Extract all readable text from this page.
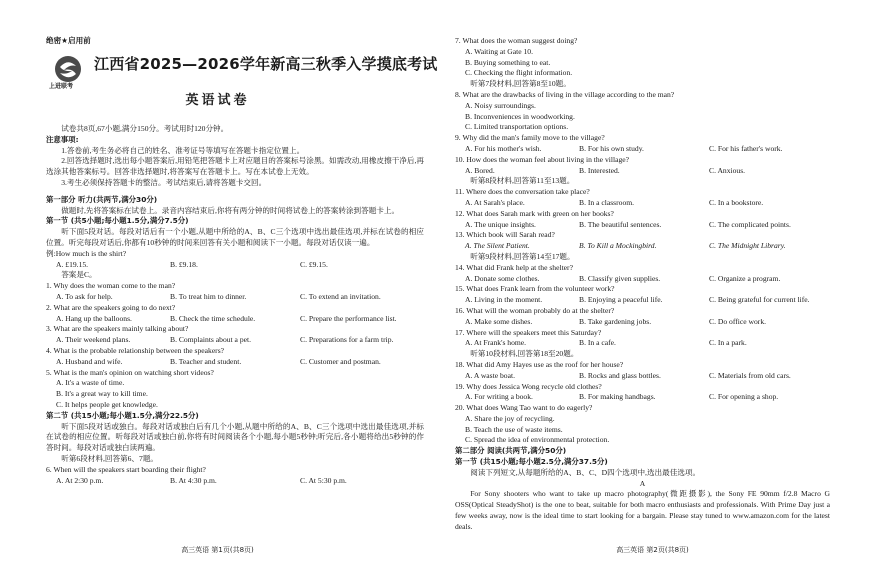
绝密★启用前
上进联考
江西省2025—2026学年新高三秋季入学摸底考试
英语试卷

试卷共8页,67小题,满分150分。考试用时120分钟。

注意事项:

1.答卷前,考生务必将自己的姓名、准考证号等填写在答题卡指定位置上。

2.回答选择题时,选出每小题答案后,用铅笔把答题卡上对应题目的答案标号涂黑。如需改动,用橡皮擦干净后,再选涂其他答案标号。回答非选择题时,将答案写在答题卡上。写在本试卷上无效。

3.考生必须保持答题卡的整洁。考试结束后,请将答题卡交回。

第一部分 听力(共两节,满分30分)

做题时,先将答案标在试卷上。录音内容结束后,你将有两分钟的时间将试卷上的答案转涂到答题卡上。

第一节 (共5小题;每小题1.5分,满分7.5分)

听下面5段对话。每段对话后有一个小题,从题中所给的A、B、C三个选项中选出最佳选项,并标在试卷的相应位置。听完每段对话后,你都有10秒钟的时间来回答有关小题和阅读下一小题。每段对话仅读一遍。

例:How much is the shirt?

A. £19.15.	B. £9.18.	C. £9.15.

答案是C。

1. Why does the woman come to the man?

A. To ask for help.	B. To treat him to dinner.	C. To extend an invitation.

2. What are the speakers going to do next?

A. Hang up the balloons.	B. Check the time schedule.	C. Prepare the performance list.

3. What are the speakers mainly talking about?

A. Their weekend plans.	B. Complaints about a pet.	C. Preparations for a farm trip.

4. What is the probable relationship between the speakers?

A. Husband and wife.	B. Teacher and student.	C. Customer and postman.

5. What is the man's opinion on watching short videos?

A. It's a waste of time.

B. It's a great way to kill time.

C. It helps people get knowledge.

第二节 (共15小题;每小题1.5分,满分22.5分)

听下面5段对话或独白。每段对话或独白后有几个小题,从题中所给的A、B、C三个选项中选出最佳选项,并标在试卷的相应位置。听每段对话或独白前,你将有时间阅读各个小题,每小题5秒钟;听完后,各小题将给出5秒钟的作答时间。每段对话或独白读两遍。

听第6段材料,回答第6、7题。

6. When will the speakers start boarding their flight?

A. At 2:30 p.m.	B. At 4:30 p.m.	C. At 5:30 p.m.
高三英语 第1页(共8页)

7. What does the woman suggest doing?

A. Waiting at Gate 10.

B. Buying something to eat.

C. Checking the flight information.

听第7段材料,回答第8至10题。

8. What are the drawbacks of living in the village according to the man?

A. Noisy surroundings.

B. Inconveniences in woodworking.

C. Limited transportation options.

9. Why did the man's family move to the village?

A. For his mother's wish.	B. For his own study.	C. For his father's work.

10. How does the woman feel about living in the village?

A. Bored.	B. Interested.	C. Anxious.

听第8段材料,回答第11至13题。

11. Where does the conversation take place?

A. At Sarah's place.	B. In a classroom.	C. In a bookstore.

12. What does Sarah mark with green on her books?

A. The unique insights.	B. The beautiful sentences.	C. The complicated points.

13. Which book will Sarah read?

A. The Silent Patient.	B. To Kill a Mockingbird.	C. The Midnight Library.

听第9段材料,回答第14至17题。

14. What did Frank help at the shelter?

A. Donate some clothes.	B. Classify given supplies.	C. Organize a program.

15. What does Frank learn from the volunteer work?

A. Living in the moment.	B. Enjoying a peaceful life.	C. Being grateful for current life.

16. What will the woman probably do at the shelter?

A. Make some dishes.	B. Take gardening jobs.	C. Do office work.

17. Where will the speakers meet this Saturday?

A. At Frank's home.	B. In a cafe.	C. In a park.

听第10段材料,回答第18至20题。

18. What did Amy Hayes use as the roof for her house?

A. A waste boat.	B. Rocks and glass bottles.	C. Materials from old cars.

19. Why does Jessica Wong recycle old clothes?

A. For writing a book.	B. For making handbags.	C. For opening a shop.

20. What does Wang Tao want to do eagerly?

A. Share the joy of recycling.

B. Teach the use of waste items.

C. Spread the idea of environmental protection.

第二部分 阅读(共两节,满分50分)

第一节 (共15小题;每小题2.5分,满分37.5分)

阅读下列短文,从每题所给的A、B、C、D四个选项中,选出最佳选项。

A

For Sony shooters who want to take up macro photography(微距摄影), the Sony FE 90mm f/2.8 Macro G OSS(Optical SteadyShot) is the one to beat, suitable for both macro enthusiasts and professionals. With Prime Day just a few weeks away, now is the ideal time to start looking for a bargain. Please stay tuned to www.amazon.com for the latest deals.

高三英语 第2页(共8页)
